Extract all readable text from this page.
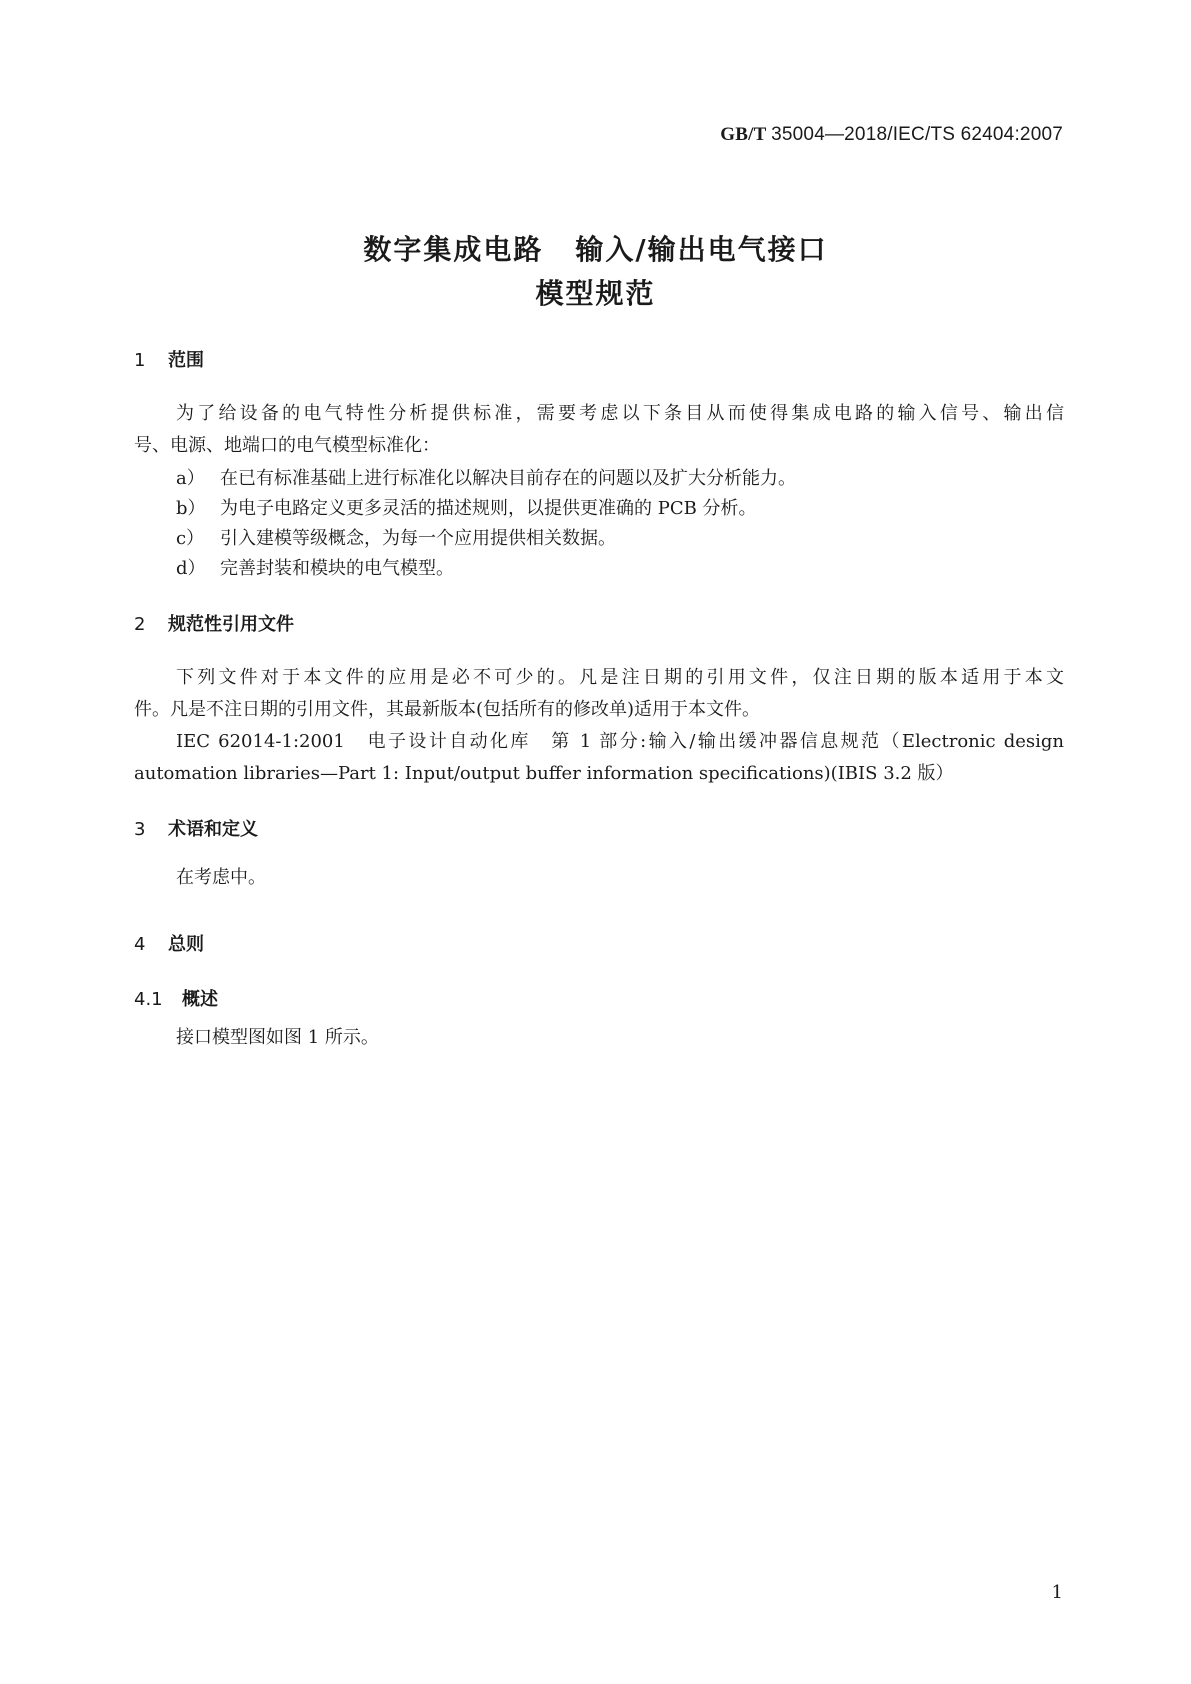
GB/T 35004—2018/IEC/TS 62404:2007
数字集成电路 输入/输出电气接口
模型规范
1 范围
为了给设备的电气特性分析提供标准，需要考虑以下条目从而使得集成电路的输入信号、输出信
号、电源、地端口的电气模型标准化：
a） 在已有标准基础上进行标准化以解决目前存在的问题以及扩大分析能力。
b） 为电子电路定义更多灵活的描述规则，以提供更准确的 PCB 分析。
c） 引入建模等级概念，为每一个应用提供相关数据。
d） 完善封装和模块的电气模型。
2 规范性引用文件
下列文件对于本文件的应用是必不可少的。凡是注日期的引用文件，仅注日期的版本适用于本文
件。凡是不注日期的引用文件，其最新版本(包括所有的修改单)适用于本文件。
IEC 62014-1:2001　电子设计自动化库　第 1 部分:输入/输出缓冲器信息规范（Electronic design
automation libraries—Part 1: Input/output buffer information specifications)(IBIS 3.2 版）
3 术语和定义
在考虑中。
4 总则
4.1 概述
接口模型图如图 1 所示。
1
